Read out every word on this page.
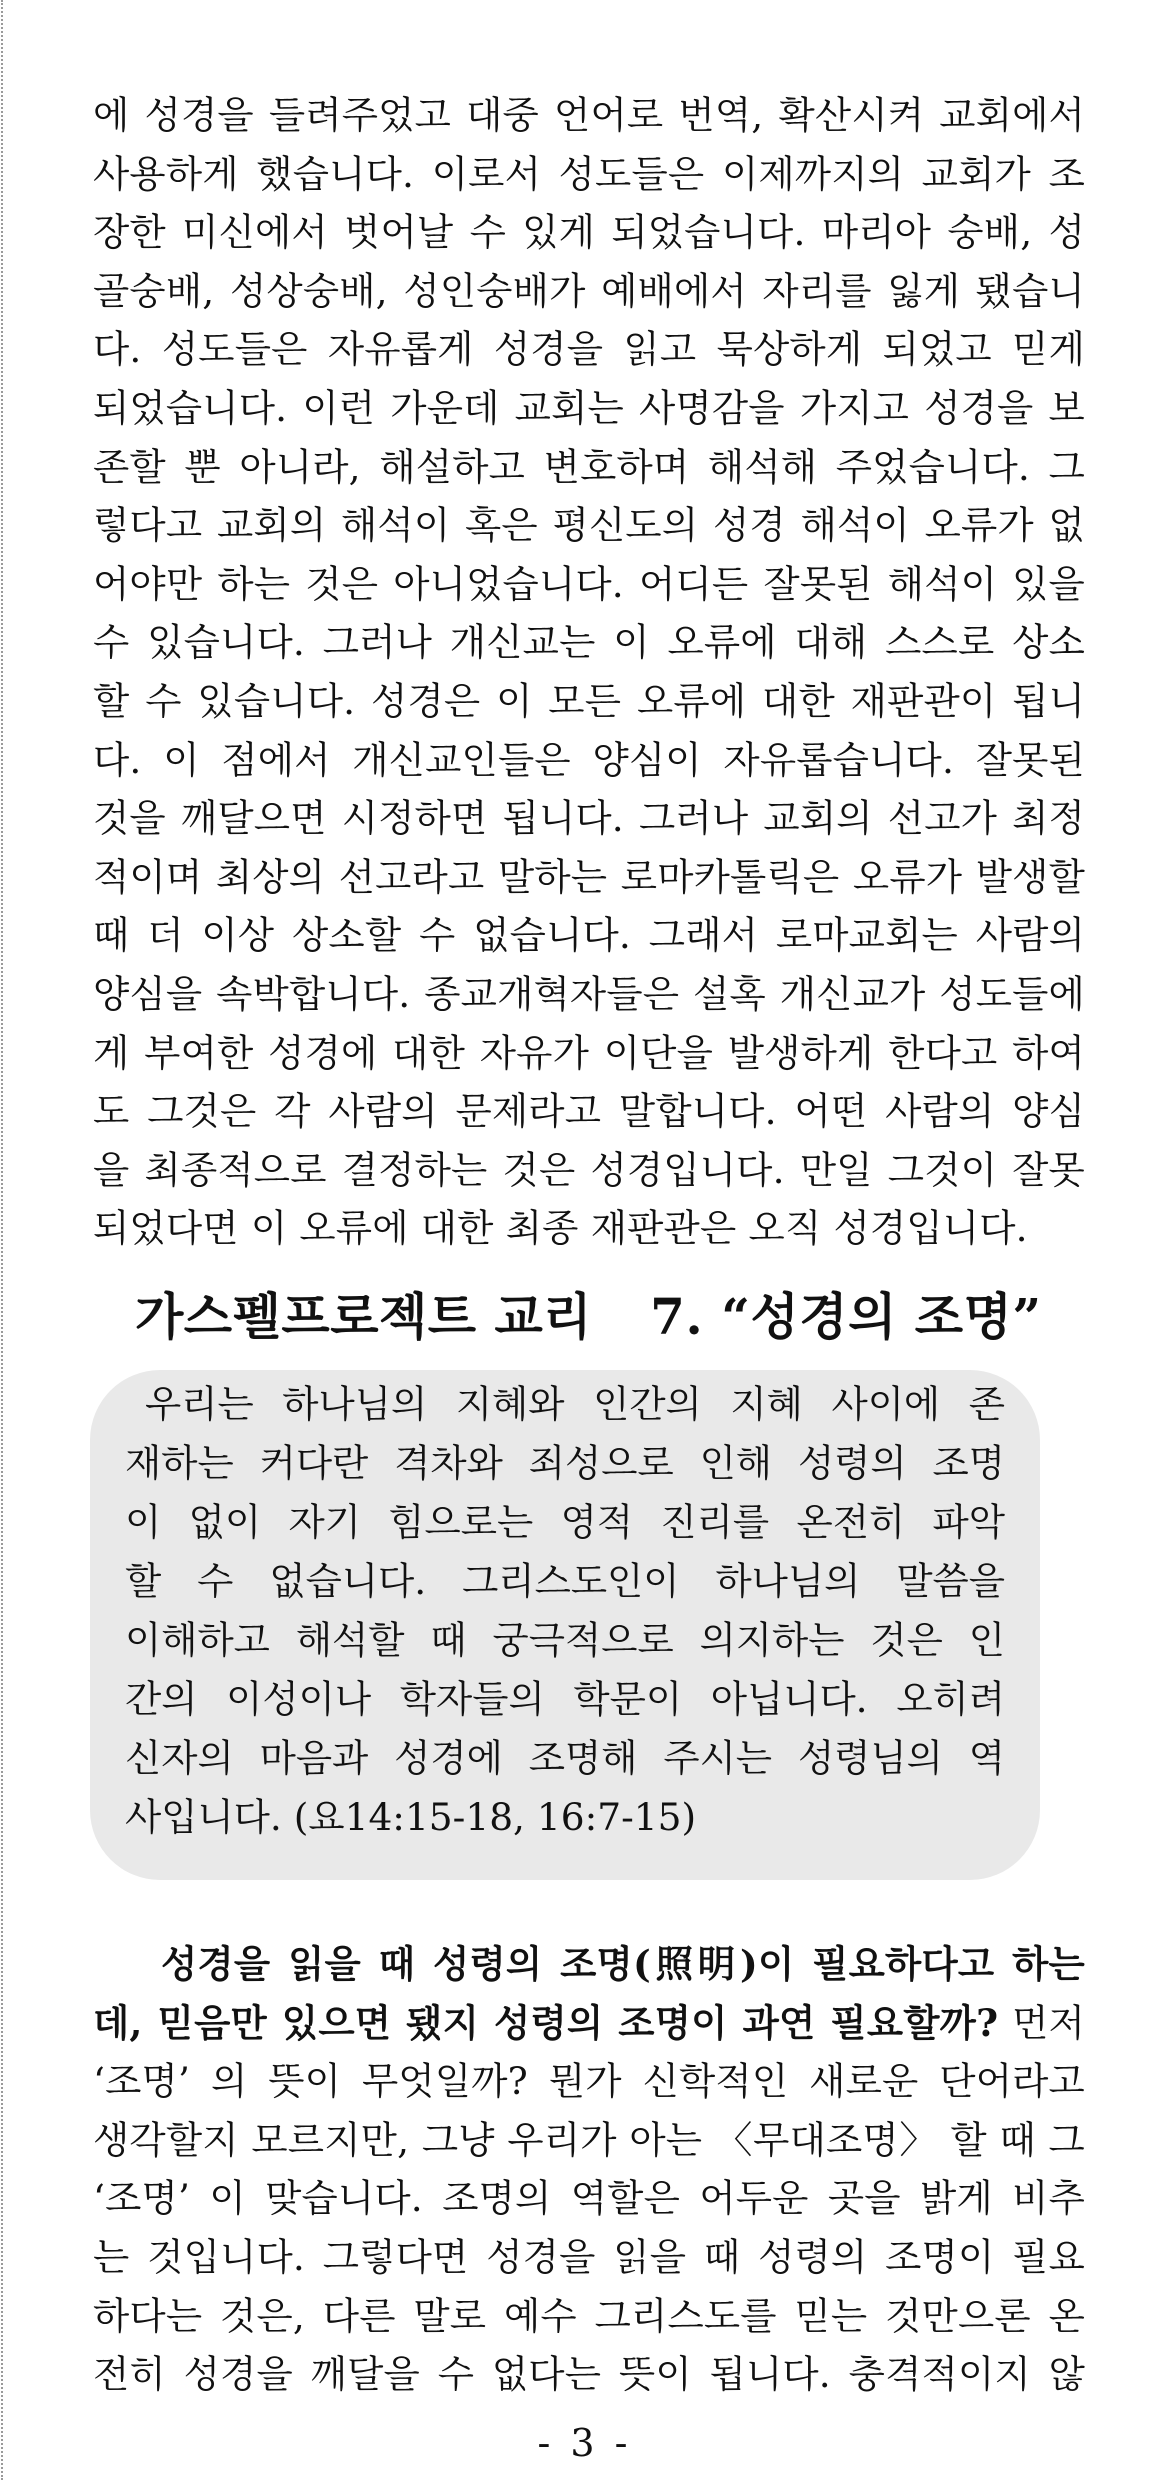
에 성경을 들려주었고 대중 언어로 번역, 확산시켜 교회에서
사용하게 했습니다. 이로서 성도들은 이제까지의 교회가 조
장한 미신에서 벗어날 수 있게 되었습니다. 마리아 숭배, 성
골숭배, 성상숭배, 성인숭배가 예배에서 자리를 잃게 됐습니
다. 성도들은 자유롭게 성경을 읽고 묵상하게 되었고 믿게
되었습니다. 이런 가운데 교회는 사명감을 가지고 성경을 보
존할 뿐 아니라, 해설하고 변호하며 해석해 주었습니다. 그
렇다고 교회의 해석이 혹은 평신도의 성경 해석이 오류가 없
어야만 하는 것은 아니었습니다. 어디든 잘못된 해석이 있을
수 있습니다. 그러나 개신교는 이 오류에 대해 스스로 상소
할 수 있습니다. 성경은 이 모든 오류에 대한 재판관이 됩니
다. 이 점에서 개신교인들은 양심이 자유롭습니다. 잘못된
것을 깨달으면 시정하면 됩니다. 그러나 교회의 선고가 최정
적이며 최상의 선고라고 말하는 로마카톨릭은 오류가 발생할
때 더 이상 상소할 수 없습니다. 그래서 로마교회는 사람의
양심을 속박합니다. 종교개혁자들은 설혹 개신교가 성도들에
게 부여한 성경에 대한 자유가 이단을 발생하게 한다고 하여
도 그것은 각 사람의 문제라고 말합니다. 어떤 사람의 양심
을 최종적으로 결정하는 것은 성경입니다. 만일 그것이 잘못
되었다면 이 오류에 대한 최종 재판관은 오직 성경입니다.
가스펠프로젝트 교리 7. “성경의 조명”
우리는 하나님의 지혜와 인간의 지혜 사이에 존
재하는 커다란 격차와 죄성으로 인해 성령의 조명
이 없이 자기 힘으로는 영적 진리를 온전히 파악
할 수 없습니다. 그리스도인이 하나님의 말씀을
이해하고 해석할 때 궁극적으로 의지하는 것은 인
간의 이성이나 학자들의 학문이 아닙니다. 오히려
신자의 마음과 성경에 조명해 주시는 성령님의 역
사입니다. (요14:15-18, 16:7-15)
성경을 읽을 때 성령의 조명(照明)이 필요하다고 하는
데, 믿음만 있으면 됐지 성령의 조명이 과연 필요할까? 먼저
‘조명’ 의 뜻이 무엇일까? 뭔가 신학적인 새로운 단어라고
생각할지 모르지만, 그냥 우리가 아는 〈무대조명〉 할 때 그
‘조명’ 이 맞습니다. 조명의 역할은 어두운 곳을 밝게 비추
는 것입니다. 그렇다면 성경을 읽을 때 성령의 조명이 필요
하다는 것은, 다른 말로 예수 그리스도를 믿는 것만으론 온
전히 성경을 깨달을 수 없다는 뜻이 됩니다. 충격적이지 않
- 3 -
